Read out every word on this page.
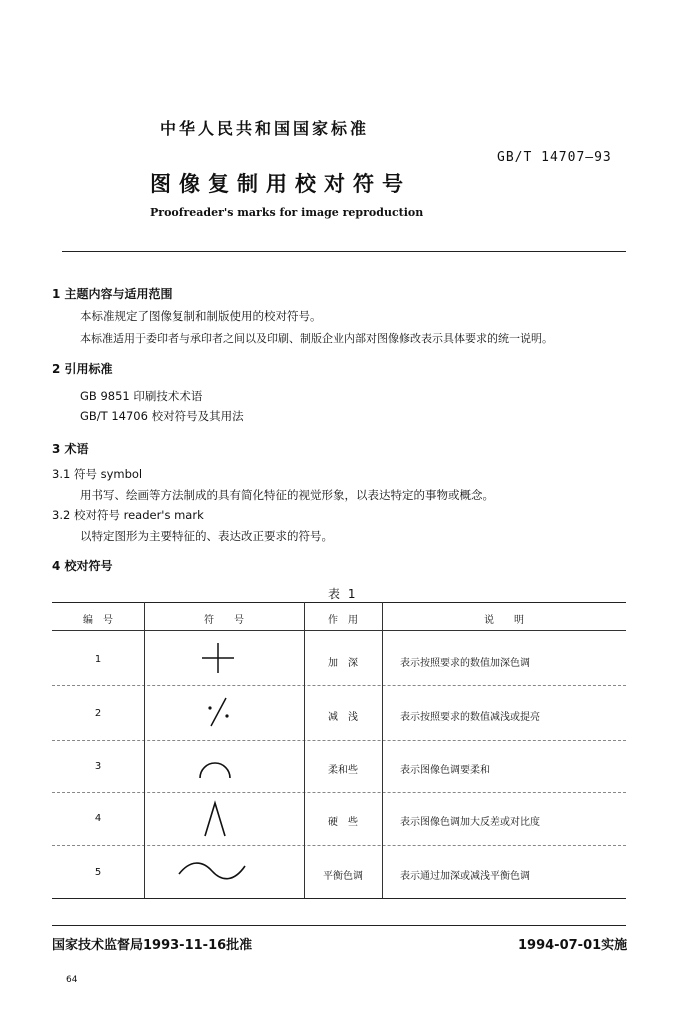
中华人民共和国国家标准
GB/T 14707—93
图像复制用校对符号
Proofreader's marks for image reproduction
1 主题内容与适用范围
本标准规定了图像复制和制版使用的校对符号。
本标准适用于委印者与承印者之间以及印刷、制版企业内部对图像修改表示具体要求的统一说明。
2 引用标准
GB 9851 印刷技术术语
GB/T 14706 校对符号及其用法
3 术语
3.1 符号 symbol
用书写、绘画等方法制成的具有简化特征的视觉形象，以表达特定的事物或概念。
3.2 校对符号 reader's mark
以特定图形为主要特征的、表达改正要求的符号。
4 校对符号
表 1
编　号	符　　号	作　用	说　　明
1	加　深	表示按照要求的数值加深色调
2	减　浅	表示按照要求的数值减浅或提亮
3	柔和些	表示图像色调要柔和
4	硬　些	表示图像色调加大反差或对比度
5	平衡色调	表示通过加深或减浅平衡色调
国家技术监督局1993-11-16批准	1994-07-01实施
64
